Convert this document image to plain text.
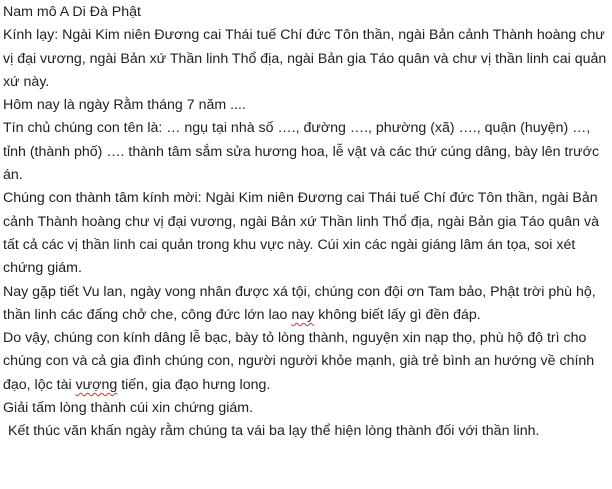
Nam mô A Di Đà Phật

Kính lạy: Ngài Kim niên Đương cai Thái tuế Chí đức Tôn thần, ngài Bản cảnh Thành hoàng chư vị đại vương, ngài Bản xứ Thần linh Thổ địa, ngài Bản gia Táo quân và chư vị thần linh cai quản xứ này.

Hôm nay là ngày Rằm tháng 7 năm ....

Tín chủ chúng con tên là: … ngụ tại nhà số …., đường …., phường (xã) …., quận (huyện) …, tỉnh (thành phố) …. thành tâm sắm sửa hương hoa, lễ vật và các thứ cúng dâng, bày lên trước án.

Chúng con thành tâm kính mời: Ngài Kim niên Đương cai Thái tuế Chí đức Tôn thần, ngài Bản cảnh Thành hoàng chư vị đại vương, ngài Bản xứ Thần linh Thổ địa, ngài Bản gia Táo quân và tất cả các vị thần linh cai quản trong khu vực này. Cúi xin các ngài giáng lâm án tọa, soi xét chứng giám.

Nay gặp tiết Vu lan, ngày vong nhân được xá tội, chúng con đội ơn Tam bảo, Phật trời phù hộ, thần linh các đấng chở che, công đức lớn lao nay không biết lấy gì đền đáp.

Do vậy, chúng con kính dâng lễ bạc, bày tỏ lòng thành, nguyện xin nạp thọ, phù hộ độ trì cho chúng con và cả gia đình chúng con, người người khỏe mạnh, già trẻ bình an hướng về chính đạo, lộc tài vượng tiến, gia đạo hưng long.

Giải tấm lòng thành cúi xin chứng giám.

Kết thúc văn khấn ngày rằm chúng ta vái ba lạy thể hiện lòng thành đối với thần linh.
